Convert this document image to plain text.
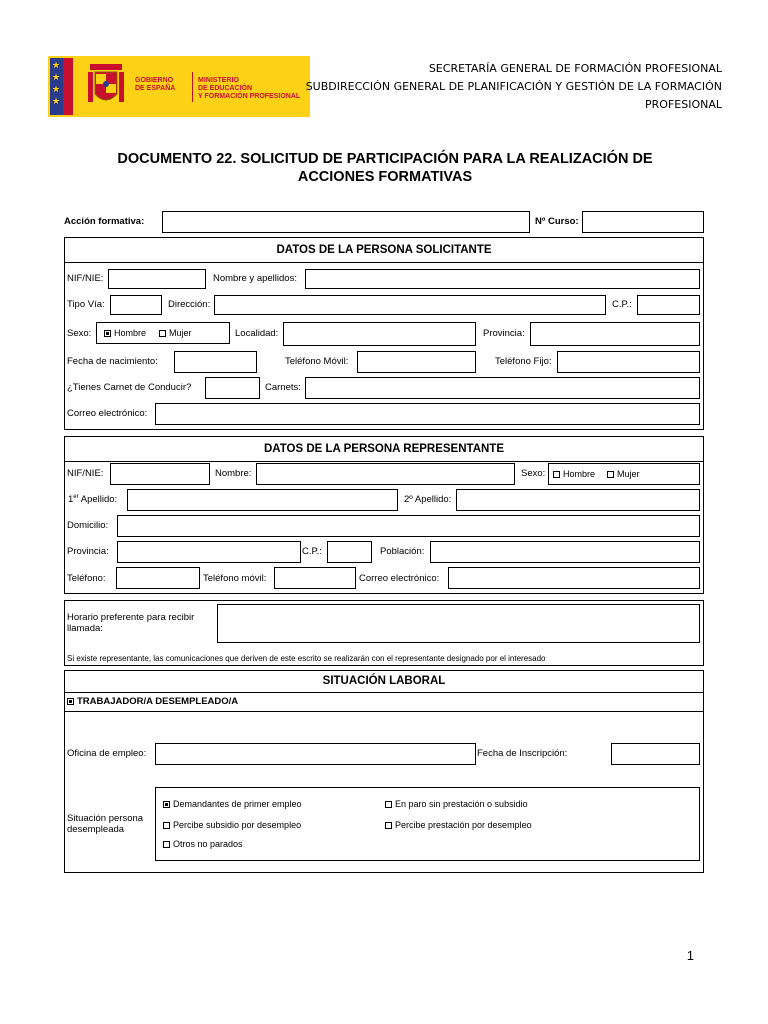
★
★
★
★
GOBIERNO
DE ESPAÑA
MINISTERIO
DE EDUCACIÓN
Y FORMACIÓN PROFESIONAL
SECRETARÍA GENERAL DE FORMACIÓN PROFESIONAL
SUBDIRECCIÓN GENERAL DE PLANIFICACIÓN Y GESTIÓN DE LA FORMACIÓN
PROFESIONAL
DOCUMENTO 22. SOLICITUD DE PARTICIPACIÓN PARA LA REALIZACIÓN DE
ACCIONES FORMATIVAS
Acción formativa:	Nº Curso:
DATOS DE LA PERSONA SOLICITANTE
NIF/NIE:	Nombre y apellidos:
Tipo Vía:	Dirección:	C.P.:
Sexo:	Hombre	Mujer	Localidad:	Provincia:
Fecha de nacimiento:	Teléfono Móvil:	Teléfono Fijo:
¿Tienes Carnet de Conducir?	Carnets:
Correo electrónico:
DATOS DE LA PERSONA REPRESENTANTE
NIF/NIE:	Nombre:	Sexo:	Hombre	Mujer
1er Apellido:	2º Apellido:
Domicilio:
Provincia:	C.P.:	Población:
Teléfono:	Teléfono móvil:	Correo electrónico:
Horario preferente para recibir llamada:
Si existe representante, las comunicaciones que deriven de este escrito se realizarán con el representante designado por el interesado
SITUACIÓN LABORAL
TRABAJADOR/A DESEMPLEADO/A
Oficina de empleo:	Fecha de Inscripción:
Situación persona desempleada
Demandantes de primer empleo	En paro sin prestación o subsidio
Percibe subsidio por desempleo	Percibe prestación por desempleo
Otros no parados
1
